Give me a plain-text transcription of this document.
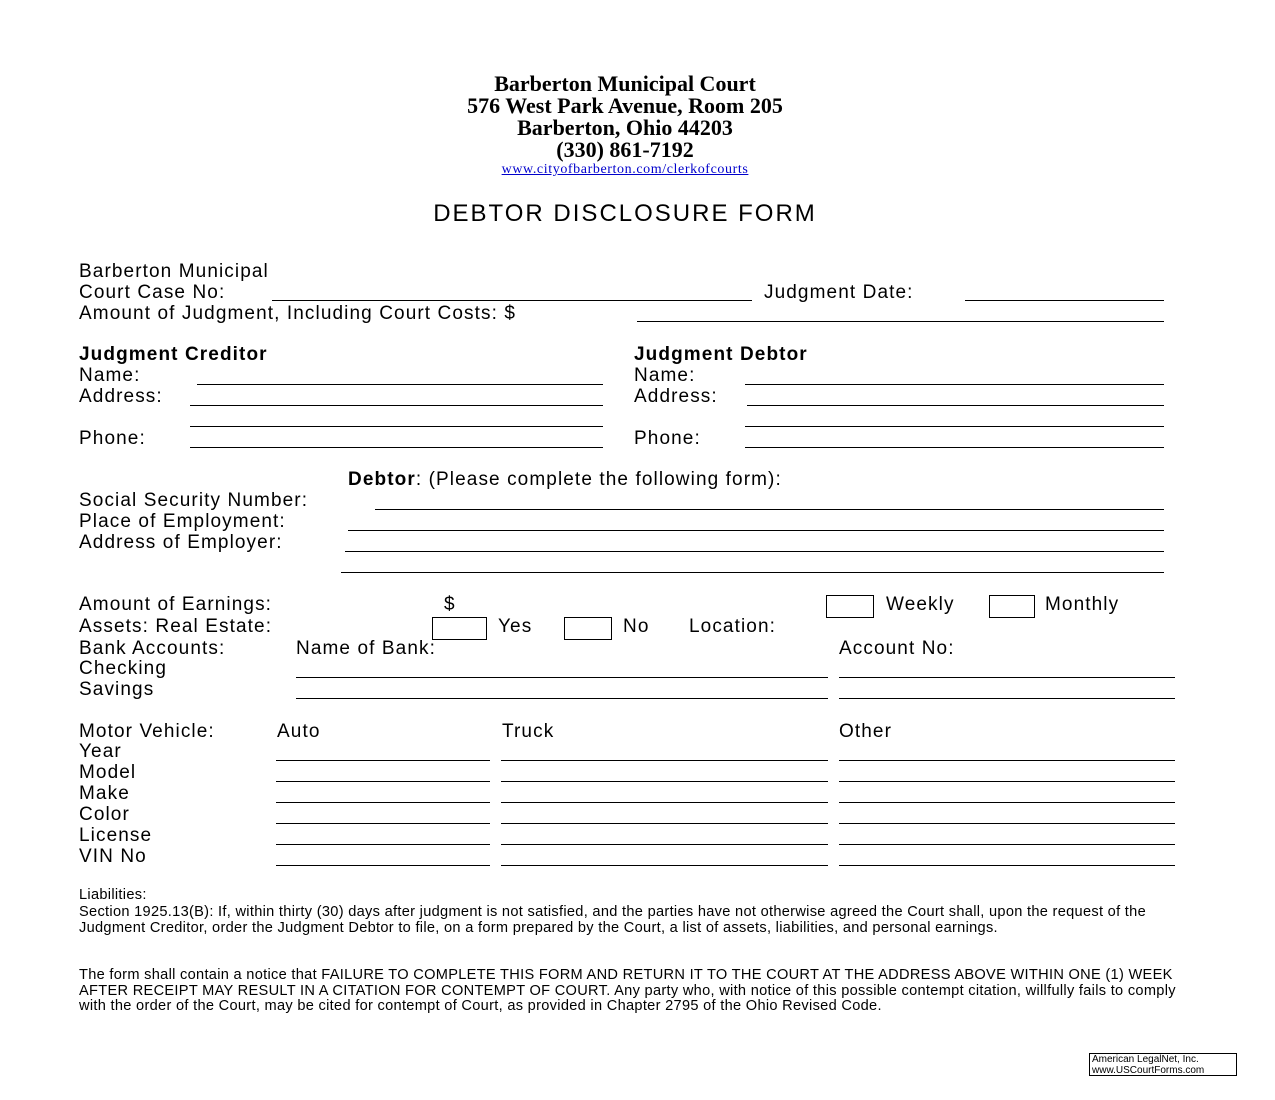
Barberton Municipal Court
576 West Park Avenue, Room 205
Barberton, Ohio 44203
(330) 861-7192
www.cityofbarberton.com/clerkofcourts
DEBTOR DISCLOSURE FORM
Barberton Municipal
Court Case No:	Judgment Date:
Amount of Judgment, Including Court Costs: $
Judgment Creditor
Name:
Address:
Phone:
Judgment Debtor
Name:
Address:
Phone:
Debtor: (Please complete the following form):
Social Security Number:
Place of Employment:
Address of Employer:
Amount of Earnings:	$	Weekly	Monthly
Assets: Real Estate:	Yes	No Location:
Bank Accounts:	Name of Bank:	Account No:
Checking
Savings
Motor Vehicle:	Auto	Truck	Other
Year
Model
Make
Color
License
VIN No
Liabilities:
Section 1925.13(B): If, within thirty (30) days after judgment is not satisfied, and the parties have not otherwise agreed the Court shall, upon the request of the Judgment Creditor, order the Judgment Debtor to file, on a form prepared by the Court, a list of assets, liabilities, and personal earnings.
The form shall contain a notice that FAILURE TO COMPLETE THIS FORM AND RETURN IT TO THE COURT AT THE ADDRESS ABOVE WITHIN ONE (1) WEEK AFTER RECEIPT MAY RESULT IN A CITATION FOR CONTEMPT OF COURT. Any party who, with notice of this possible contempt citation, willfully fails to comply with the order of the Court, may be cited for contempt of Court, as provided in Chapter 2795 of the Ohio Revised Code.
American LegalNet, Inc.
www.USCourtForms.com
